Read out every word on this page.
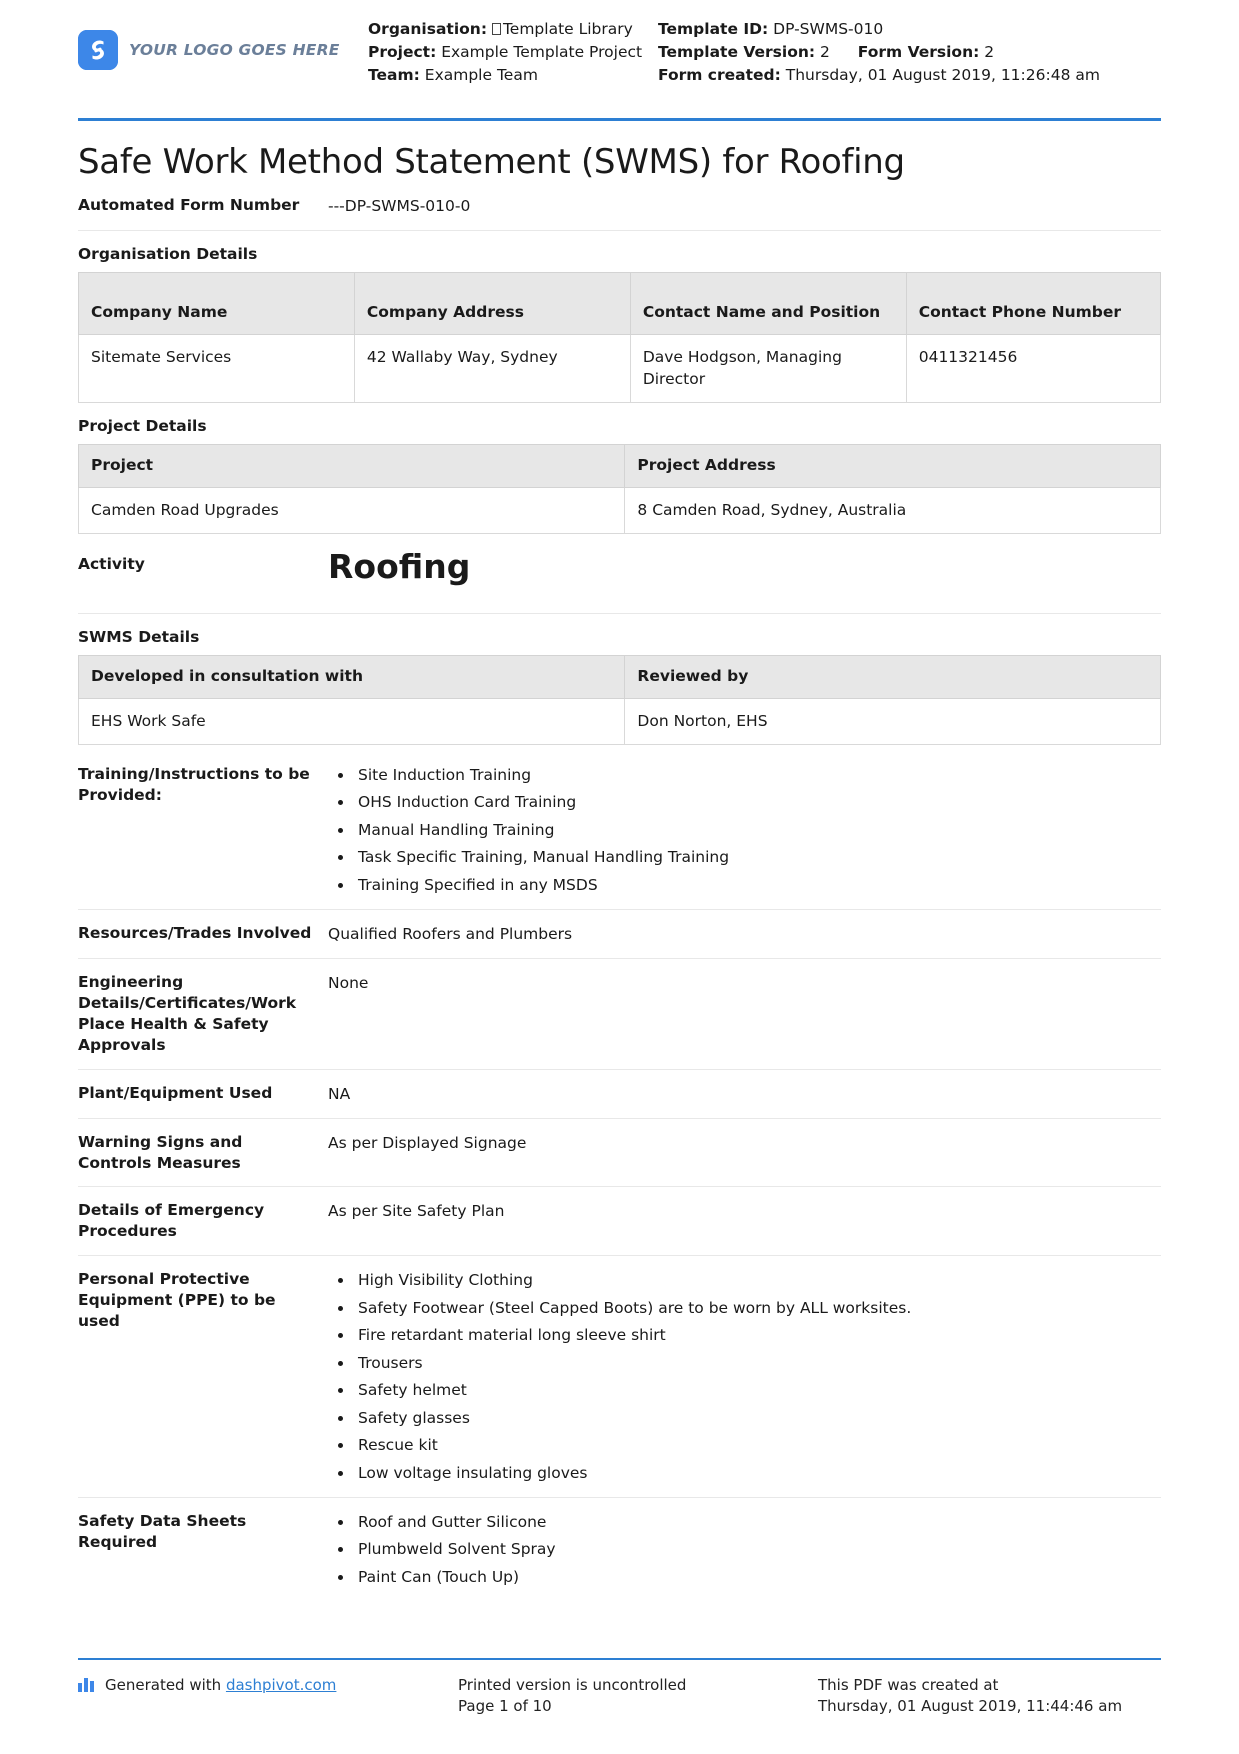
YOUR LOGO GOES HERE
Organisation: Template Library
Project: Example Template Project
Team: Example Team
Template ID: DP-SWMS-010
Template Version: 2 Form Version: 2
Form created: Thursday, 01 August 2019, 11:26:48 am
Safe Work Method Statement (SWMS) for Roofing
Automated Form Number	---DP-SWMS-010-0
Organisation Details
Company Name	Company Address	Contact Name and Position	Contact Phone Number
Sitemate Services	42 Wallaby Way, Sydney	Dave Hodgson, Managing Director	0411321456
Project Details
Project	Project Address
Camden Road Upgrades	8 Camden Road, Sydney, Australia
Activity	Roofing
SWMS Details
Developed in consultation with	Reviewed by
EHS Work Safe	Don Norton, EHS
Training/Instructions to be Provided:
• Site Induction Training
• OHS Induction Card Training
• Manual Handling Training
• Task Specific Training, Manual Handling Training
• Training Specified in any MSDS
Resources/Trades Involved	Qualified Roofers and Plumbers
Engineering Details/Certificates/Work Place Health & Safety Approvals
None
Plant/Equipment Used	NA
Warning Signs and Controls Measures
As per Displayed Signage
Details of Emergency Procedures
As per Site Safety Plan
Personal Protective Equipment (PPE) to be used
• High Visibility Clothing
• Safety Footwear (Steel Capped Boots) are to be worn by ALL worksites.
• Fire retardant material long sleeve shirt
• Trousers
• Safety helmet
• Safety glasses
• Rescue kit
• Low voltage insulating gloves
Safety Data Sheets Required
• Roof and Gutter Silicone
• Plumbweld Solvent Spray
• Paint Can (Touch Up)
Generated with dashpivot.com	Printed version is uncontrolled
Page 1 of 10
This PDF was created at
Thursday, 01 August 2019, 11:44:46 am
